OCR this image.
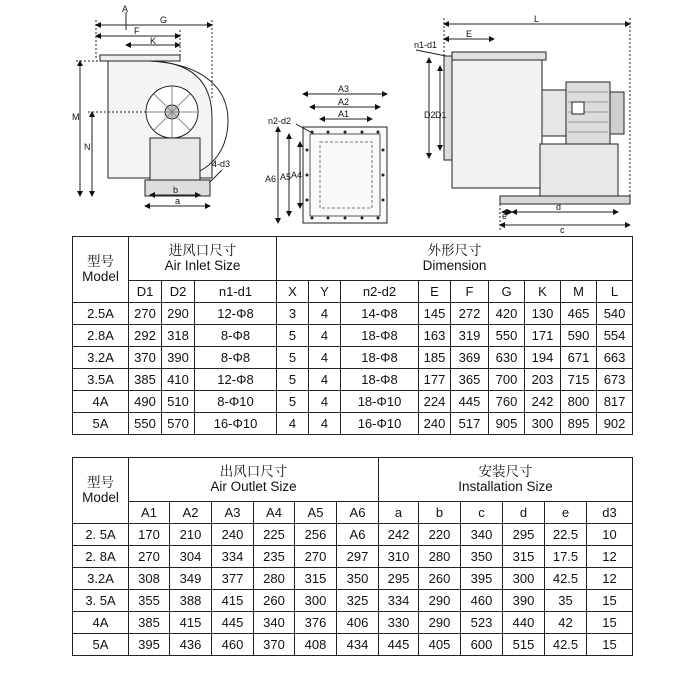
A
G
F
K
M
N
4-d3
b
a
A3
A2
A1
n2-d2
A6 A5 A4
L
E
n1-d1
D2 D1
e
d
c
型号
Model	进风口尺寸
Air Inlet Size			外形尺寸
Dimension								

	D1	D2	n1-d1	X	Y	n2-d2	E	F	G	K	M	L
2.5A	270	290	12-Φ8	3	4	14-Φ8	145	272	420	130	465	540
2.8A	292	318	8-Φ8	5	4	18-Φ8	163	319	550	171	590	554
3.2A	370	390	8-Φ8	5	4	18-Φ8	185	369	630	194	671	663
3.5A	385	410	12-Φ8	5	4	18-Φ8	177	365	700	203	715	673
4A	490	510	8-Φ10	5	4	18-Φ10	224	445	760	242	800	817
5A	550	570	16-Φ10	4	4	16-Φ10	240	517	905	300	895	902
型号
Model	出风口尺寸
Air Outlet Size						安装尺寸
Installation Size					

	A1	A2	A3	A4	A5	A6	a	b	c	d	e	d3
2. 5A	170	210	240	225	256	A6	242	220	340	295	22.5	10
2. 8A	270	304	334	235	270	297	310	280	350	315	17.5	12
3.2A	308	349	377	280	315	350	295	260	395	300	42.5	12
3. 5A	355	388	415	260	300	325	334	290	460	390	35	15
4A	385	415	445	340	376	406	330	290	523	440	42	15
5A	395	436	460	370	408	434	445	405	600	515	42.5	15
